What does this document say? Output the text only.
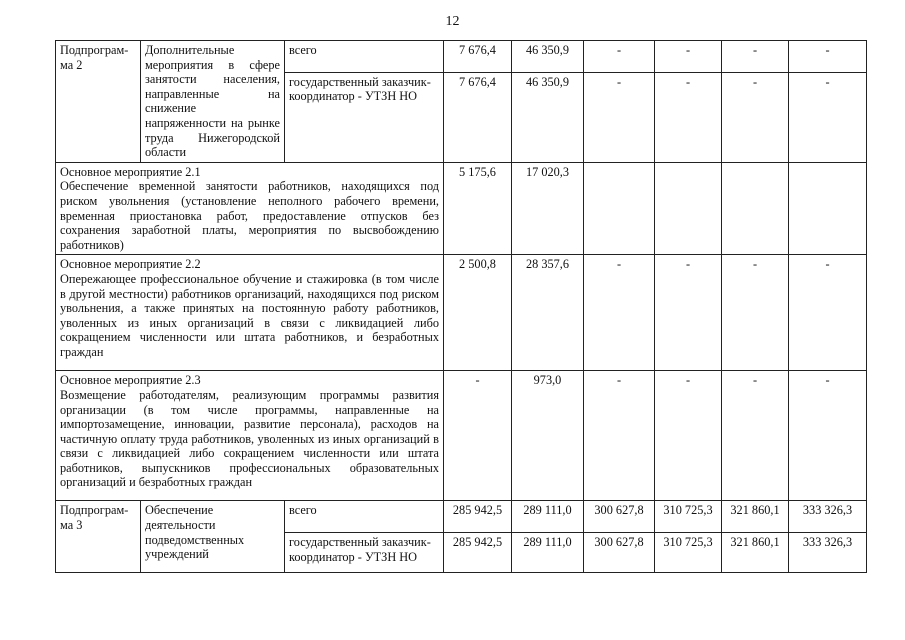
12
Подпрограм-ма 2	Дополнительные мероприятия в сфере занятости населения, направленные на снижение напряженности на рынке труда Нижегородской области	всего	7 676,4	46 350,9	-	-	-	-
		государственный заказчик-координатор - УТЗН НО	7 676,4	46 350,9	-	-	-	-

Основное мероприятие 2.1
Обеспечение временной занятости работников, находящихся под риском увольнения (установление неполного рабочего времени, временная приостановка работ, предоставление отпусков без сохранения заработной платы, мероприятия по высвобождению работников)			5 175,6	17 020,3				

Основное мероприятие 2.2
Опережающее профессиональное обучение и стажировка (в том числе в другой местности) работников организаций, находящихся под риском увольнения, а также принятых на постоянную работу работников, уволенных из иных организаций в связи с ликвидацией либо сокращением численности или штата работников, и безработных граждан			2 500,8	28 357,6	-	-	-	-

Основное мероприятие 2.3
Возмещение работодателям, реализующим программы развития организации (в том числе программы, направленные на импортозамещение, инновации, развитие персонала), расходов на частичную оплату труда работников, уволенных из иных организаций в связи с ликвидацией либо сокращением численности или штата работников, выпускников профессиональных образовательных организаций и безработных граждан			-	973,0	-	-	-	-
Подпрограм-ма 3	Обеспечение деятельности подведомственных учреждений	всего	285 942,5	289 111,0	300 627,8	310 725,3	321 860,1	333 326,3
		государственный заказчик-координатор - УТЗН НО	285 942,5	289 111,0	300 627,8	310 725,3	321 860,1	333 326,3
